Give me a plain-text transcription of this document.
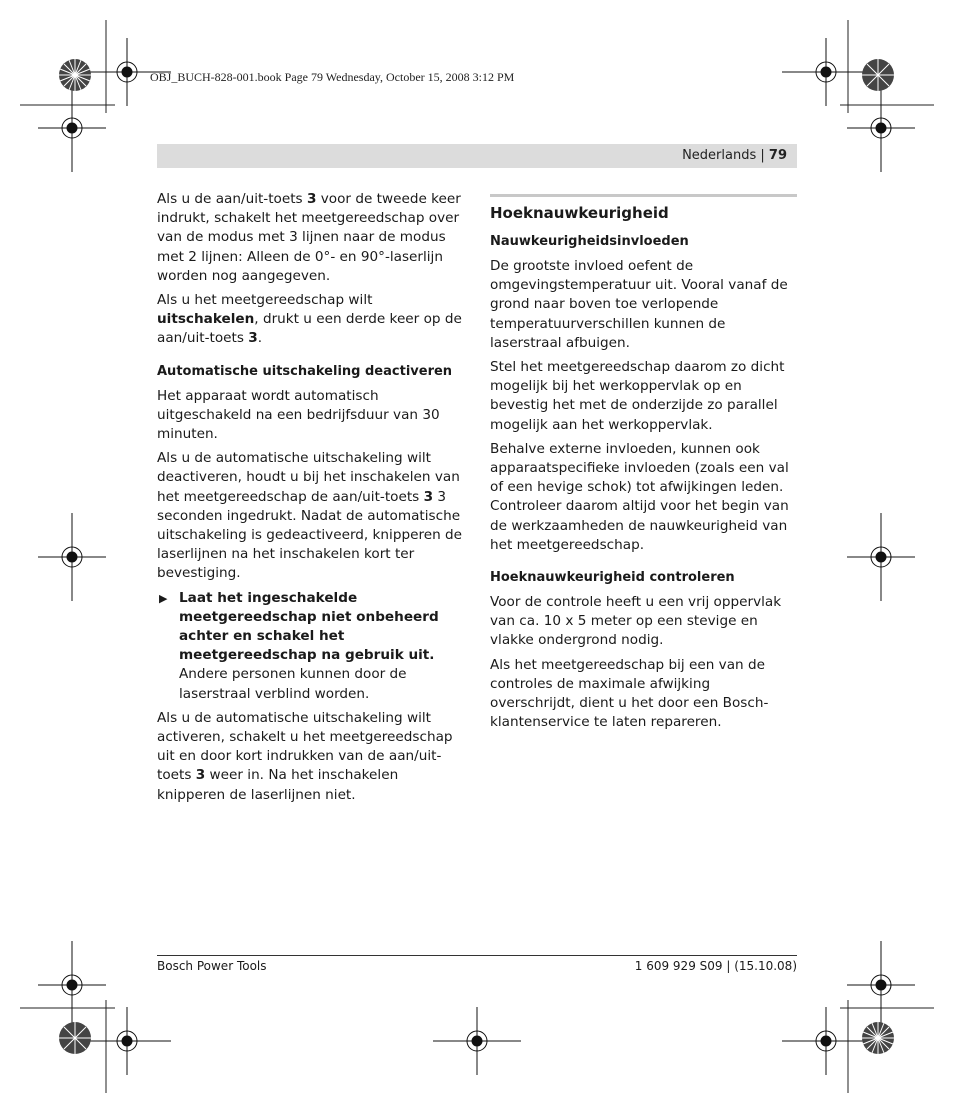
OBJ_BUCH-828-001.book Page 79 Wednesday, October 15, 2008 3:12 PM
Nederlands | 79

Als u de aan/uit-toets 3 voor de tweede keer indrukt, schakelt het meetgereedschap over van de modus met 3 lijnen naar de modus met 2 lijnen: Alleen de 0°- en 90°-laserlijn worden nog aangegeven.

Als u het meetgereedschap wilt uitschakelen, drukt u een derde keer op de aan/uit-toets 3.

Automatische uitschakeling deactiveren

Het apparaat wordt automatisch uitgeschakeld na een bedrijfsduur van 30 minuten.

Als u de automatische uitschakeling wilt deactiveren, houdt u bij het inschakelen van het meetgereedschap de aan/uit-toets 3 3 seconden ingedrukt. Nadat de automatische uitschakeling is gedeactiveerd, knipperen de laserlijnen na het inschakelen kort ter bevestiging.

▶ Laat het ingeschakelde meetgereedschap niet onbeheerd achter en schakel het meetgereedschap na gebruik uit. Andere personen kunnen door de laserstraal verblind worden.

Als u de automatische uitschakeling wilt activeren, schakelt u het meetgereedschap uit en door kort indrukken van de aan/uit-toets 3 weer in. Na het inschakelen knipperen de laserlijnen niet.

Hoeknauwkeurigheid
Nauwkeurigheidsinvloeden

De grootste invloed oefent de omgevingstemperatuur uit. Vooral vanaf de grond naar boven toe verlopende temperatuurverschillen kunnen de laserstraal afbuigen.

Stel het meetgereedschap daarom zo dicht mogelijk bij het werkoppervlak op en bevestig het met de onderzijde zo parallel mogelijk aan het werkoppervlak.

Behalve externe invloeden, kunnen ook apparaatspecifieke invloeden (zoals een val of een hevige schok) tot afwijkingen leden. Controleer daarom altijd voor het begin van de werkzaamheden de nauwkeurigheid van het meetgereedschap.

Hoeknauwkeurigheid controleren

Voor de controle heeft u een vrij oppervlak van ca. 10 x 5 meter op een stevige en vlakke ondergrond nodig.

Als het meetgereedschap bij een van de controles de maximale afwijking overschrijdt, dient u het door een Bosch-klantenservice te laten repareren.

Bosch Power Tools	1 609 929 S09 | (15.10.08)
